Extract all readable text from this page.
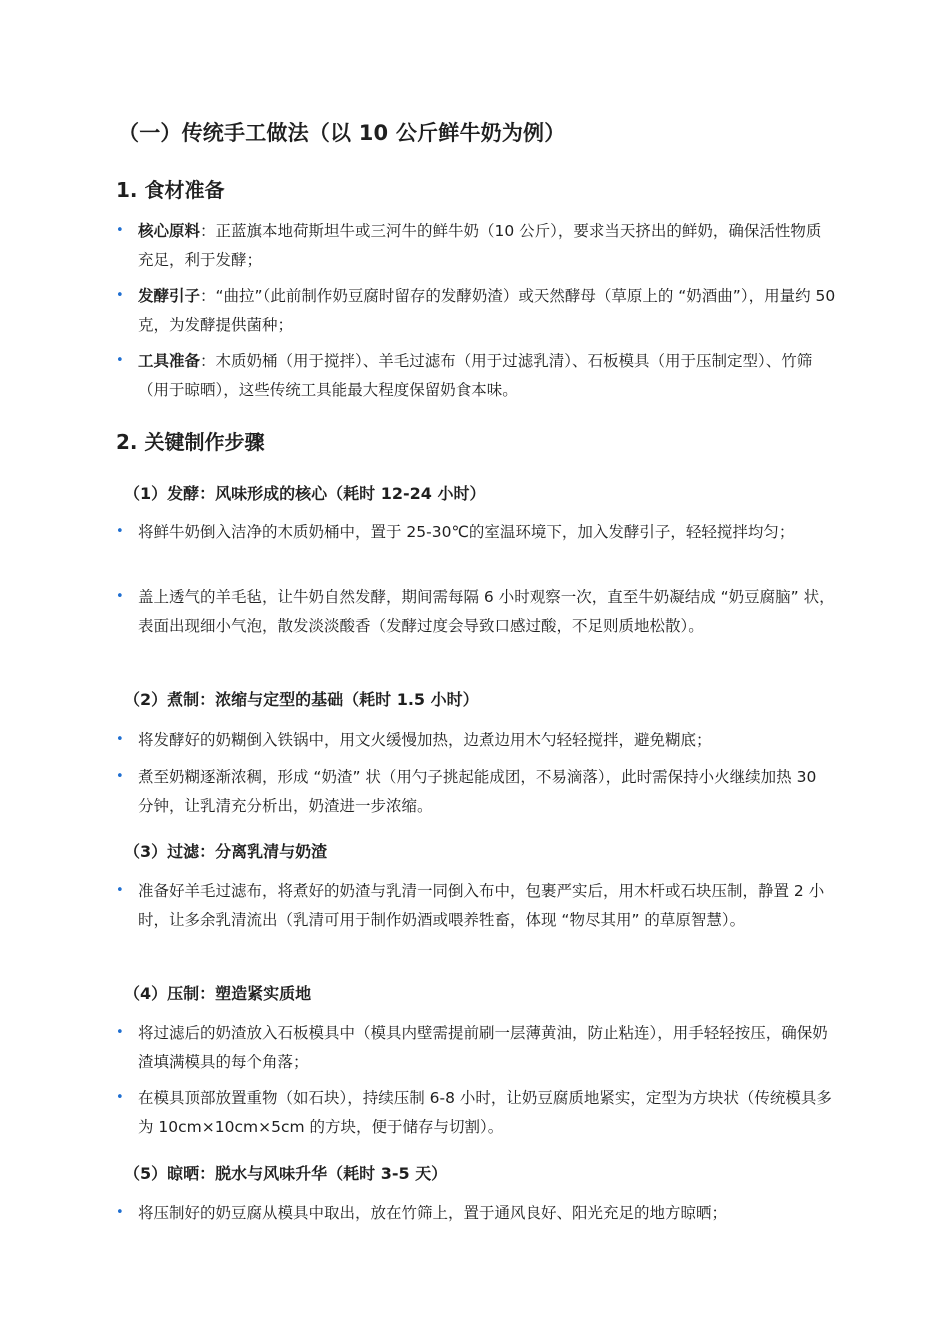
（一）传统手工做法（以 10 公斤鲜牛奶为例）
1. 食材准备
• 核心原料：正蓝旗本地荷斯坦牛或三河牛的鲜牛奶（10 公斤），要求当天挤出的鲜奶，确保活性物质充足，利于发酵；
• 发酵引子：“曲拉”（此前制作奶豆腐时留存的发酵奶渣）或天然酵母（草原上的 “奶酒曲”），用量约 50 克，为发酵提供菌种；
• 工具准备：木质奶桶（用于搅拌）、羊毛过滤布（用于过滤乳清）、石板模具（用于压制定型）、竹筛（用于晾晒），这些传统工具能最大程度保留奶食本味。
2. 关键制作步骤
（1）发酵：风味形成的核心（耗时 12-24 小时）
• 将鲜牛奶倒入洁净的木质奶桶中，置于 25-30℃的室温环境下，加入发酵引子，轻轻搅拌均匀；
• 盖上透气的羊毛毡，让牛奶自然发酵，期间需每隔 6 小时观察一次，直至牛奶凝结成 “奶豆腐脑” 状，表面出现细小气泡，散发淡淡酸香（发酵过度会导致口感过酸，不足则质地松散）。
（2）煮制：浓缩与定型的基础（耗时 1.5 小时）
• 将发酵好的奶糊倒入铁锅中，用文火缓慢加热，边煮边用木勺轻轻搅拌，避免糊底；
• 煮至奶糊逐渐浓稠，形成 “奶渣” 状（用勺子挑起能成团，不易滴落），此时需保持小火继续加热 30 分钟，让乳清充分析出，奶渣进一步浓缩。
（3）过滤：分离乳清与奶渣
• 准备好羊毛过滤布，将煮好的奶渣与乳清一同倒入布中，包裹严实后，用木杆或石块压制，静置 2 小时，让多余乳清流出（乳清可用于制作奶酒或喂养牲畜，体现 “物尽其用” 的草原智慧）。
（4）压制：塑造紧实质地
• 将过滤后的奶渣放入石板模具中（模具内壁需提前刷一层薄黄油，防止粘连），用手轻轻按压，确保奶渣填满模具的每个角落；
• 在模具顶部放置重物（如石块），持续压制 6-8 小时，让奶豆腐质地紧实，定型为方块状（传统模具多为 10cm×10cm×5cm 的方块，便于储存与切割）。
（5）晾晒：脱水与风味升华（耗时 3-5 天）
• 将压制好的奶豆腐从模具中取出，放在竹筛上，置于通风良好、阳光充足的地方晾晒；
